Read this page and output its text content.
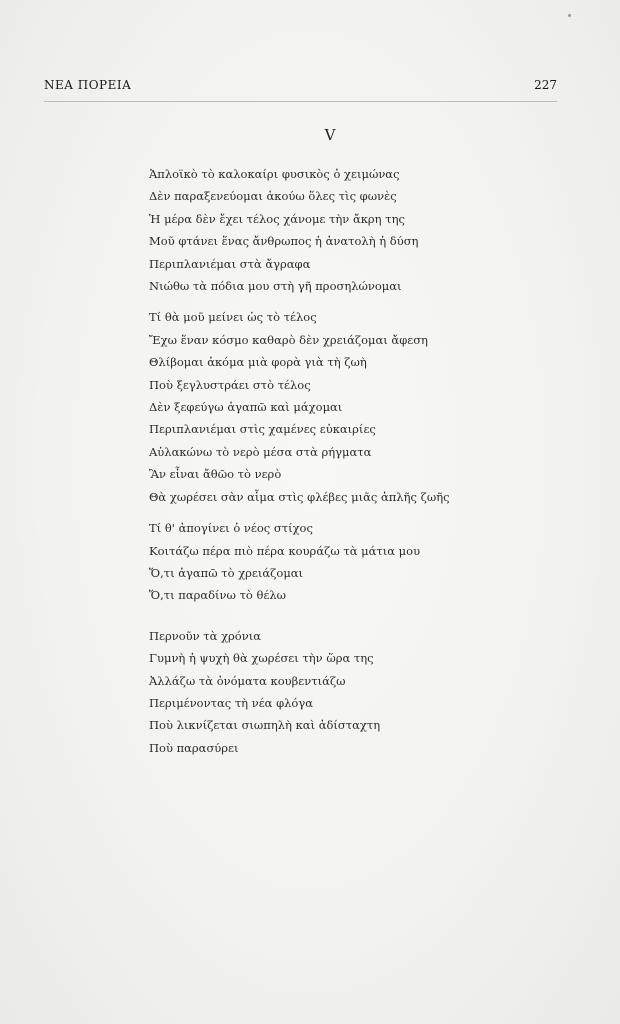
ΝΕΑ ΠΟΡΕΙΑ	227
V
Ἁπλοϊκὸ τὸ καλοκαίρι φυσικὸς ὁ χειμώνας
Δὲν παραξενεύομαι ἀκούω ὅλες τὶς φωνὲς
Ἡ μέρα δὲν ἔχει τέλος χάνομε τὴν ἄκρη της
Μοῦ φτάνει ἕνας ἄνθρωπος ἡ ἀνατολὴ ἡ δύση
Περιπλανιέμαι στὰ ἄγραφα
Νιώθω τὰ πόδια μου στὴ γῆ προσηλώνομαι
Τί θὰ μοῦ μείνει ὡς τὸ τέλος
Ἔχω ἕναν κόσμο καθαρὸ δὲν χρειάζομαι ἄφεση
Θλίβομαι ἀκόμα μιὰ φορὰ γιὰ τὴ ζωὴ
Ποὺ ξεγλυστράει στὸ τέλος
Δὲν ξεφεύγω ἀγαπῶ καὶ μάχομαι
Περιπλανιέμαι στὶς χαμένες εὐκαιρίες
Αὐλακώνω τὸ νερὸ μέσα στὰ ρήγματα
Ἂν εἶναι ἄθῶο τὸ νερὸ
Θὰ χωρέσει σὰν αἷμα στὶς φλέβες μιᾶς ἁπλῆς ζωῆς
Τί θ' ἀπογίνει ὁ νέος στίχος
Κοιτάζω πέρα πιὸ πέρα κουράζω τὰ μάτια μου
Ὅ,τι ἀγαπῶ τὸ χρειάζομαι
Ὅ,τι παραδίνω τὸ θέλω
Περνοῦν τὰ χρόνια
Γυμνὴ ἡ ψυχὴ θὰ χωρέσει τὴν ὥρα της
Ἀλλάζω τὰ ὀνόματα κουβεντιάζω
Περιμένοντας τὴ νέα φλόγα
Ποὺ λικνίζεται σιωπηλὴ καὶ ἀδίσταχτη
Ποὺ παρασύρει
